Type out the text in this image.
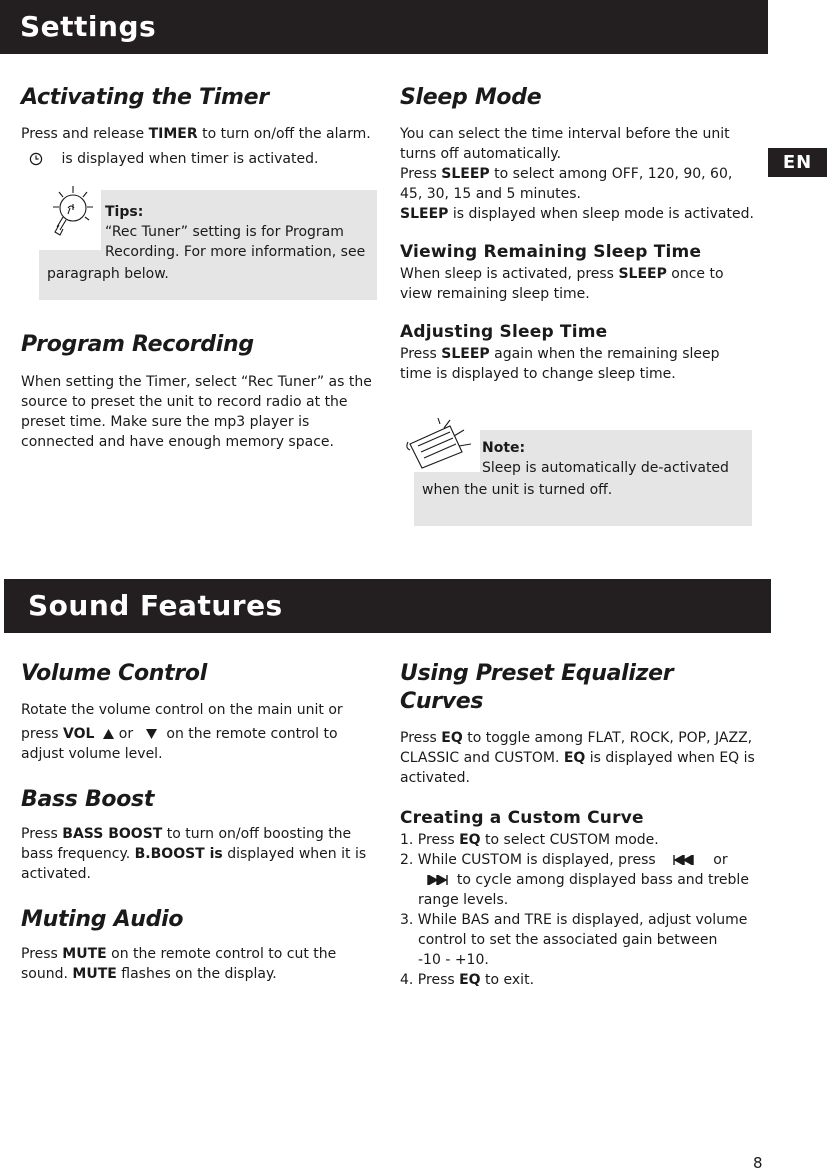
Settings
EN
Activating the Timer

Press and release TIMER to turn on/off the alarm.

is displayed when timer is activated.

Tips:

“Rec Tuner” setting is for Program

Recording. For more information, see

paragraph below.

Program Recording

When setting the Timer, select “Rec Tuner” as the source to preset the unit to record radio at the preset time. Make sure the mp3 player is connected and have enough memory space.

Sleep Mode

You can select the time interval before the unit turns off automatically.

Press SLEEP to select among OFF, 120, 90, 60, 45, 30, 15 and 5 minutes.

SLEEP is displayed when sleep mode is activated.

Viewing Remaining Sleep Time

When sleep is activated, press SLEEP once to view remaining sleep time.

Adjusting Sleep Time

Press SLEEP again when the remaining sleep time is displayed to change sleep time.

Note:

Sleep is automatically de-activated

when the unit is turned off.

Sound Features
Volume Control

Rotate the volume control on the main unit or

press VOL   or     on the remote control to

adjust volume level.

Bass Boost

Press BASS BOOST to turn on/off boosting the bass frequency. B.BOOST is displayed when it is activated.

Muting Audio

Press MUTE on the remote control to cut the sound. MUTE flashes on the display.

Using Preset Equalizer Curves

Press EQ to toggle among FLAT, ROCK, POP, JAZZ, CLASSIC and CUSTOM. EQ is displayed when EQ is activated.

Creating a Custom Curve
1. Press EQ to select CUSTOM mode.
2. While CUSTOM is displayed, press	or
to cycle among displayed bass and treble
range levels.
3. While BAS and TRE is displayed, adjust volume
control to set the associated gain between
-10 - +10.
4. Press EQ to exit.
8
